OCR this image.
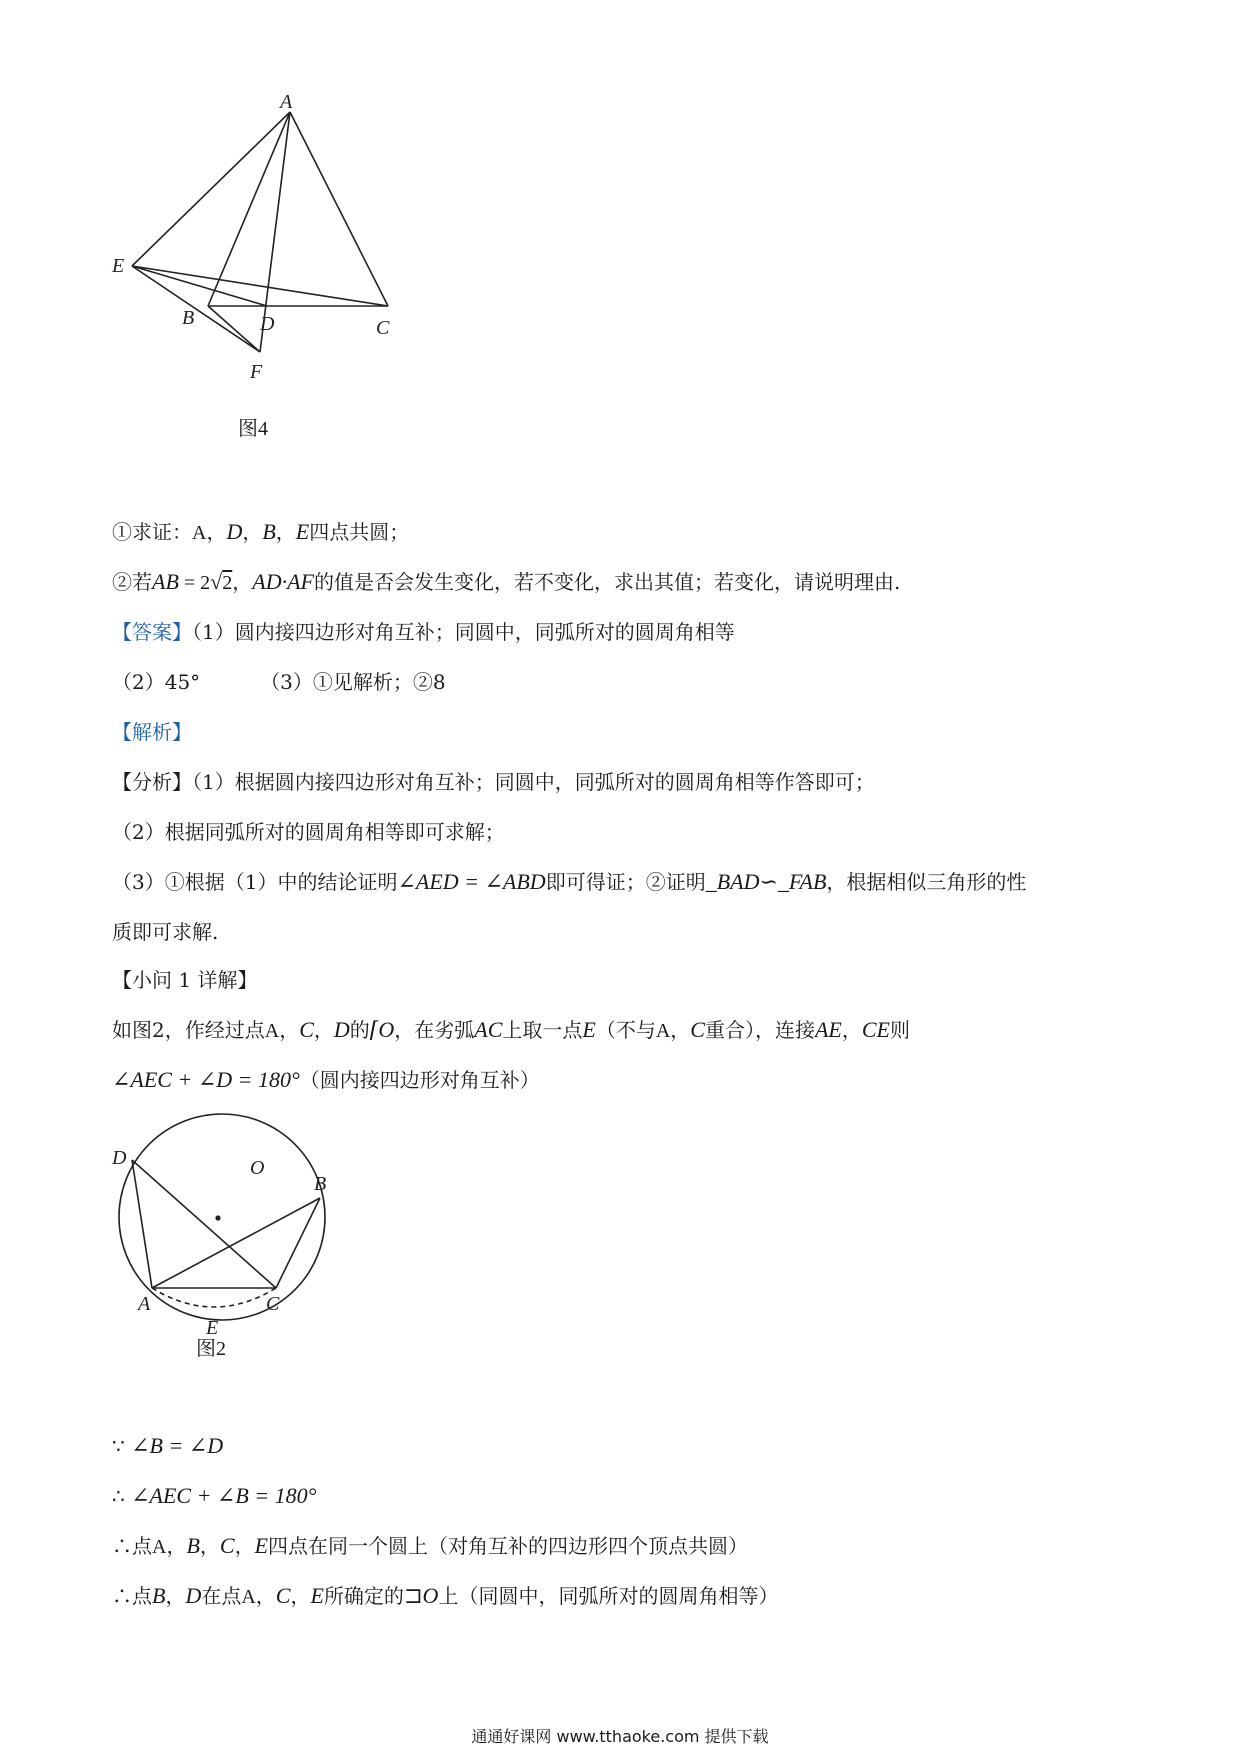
A
E
B	D	C
F
图4
①求证：A，D，B，E四点共圆；
②若AB = 2√2，AD·AF的值是否会发生变化，若不变化，求出其值；若变化，请说明理由.
【答案】（1）圆内接四边形对角互补；同圆中，同弧所对的圆周角相等
（2）45°	（3）①见解析；②8
【解析】
【分析】（1）根据圆内接四边形对角互补；同圆中，同弧所对的圆周角相等作答即可；
（2）根据同弧所对的圆周角相等即可求解；
（3）①根据（1）中的结论证明∠AED = ∠ABD即可得证；②证明_BAD∽_FAB，根据相似三角形的性
质即可求解.
【小问 1 详解】
如图2，作经过点A，C，D的⌈O，在劣弧AC上取一点E（不与A，C重合），连接AE，CE则
∠AEC + ∠D = 180°（圆内接四边形对角互补）
D	O
B
A	C
E
图2
∵ ∠B = ∠D
∴ ∠AEC + ∠B = 180°
∴点A，B，C，E四点在同一个圆上（对角互补的四边形四个顶点共圆）
∴点B，D在点A，C，E所确定的⊐O上（同圆中，同弧所对的圆周角相等）
通通好课网 www.tthaoke.com 提供下载
